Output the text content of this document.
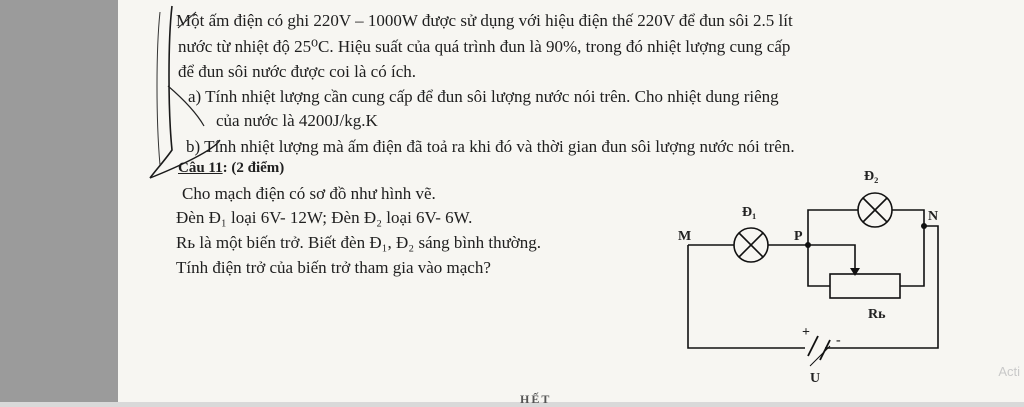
Một ấm điện có ghi 220V – 1000W được sử dụng với hiệu điện thế 220V để đun sôi 2.5 lít
nước từ nhiệt độ 25⁰C. Hiệu suất của quá trình đun là 90%, trong đó nhiệt lượng cung cấp
để đun sôi nước được coi là có ích.
a) Tính nhiệt lượng cần cung cấp để đun sôi lượng nước nói trên. Cho nhiệt dung riêng
của nước là 4200J/kg.K
b) Tính nhiệt lượng mà ấm điện đã toả ra khi đó và thời gian đun sôi lượng nước nói trên.
Câu 11: (2 điểm)
Cho mạch điện có sơ đồ như hình vẽ.
Đèn Đ₁ loại 6V- 12W; Đèn Đ₂ loại 6V- 6W.
Rь là một biến trở. Biết đèn Đ₁, Đ₂ sáng bình thường.
Tính điện trở của biến trở tham gia vào mạch?
M
N
P
Đ₁
Đ₂
Rь
U
+
-
HẾT
Acti
